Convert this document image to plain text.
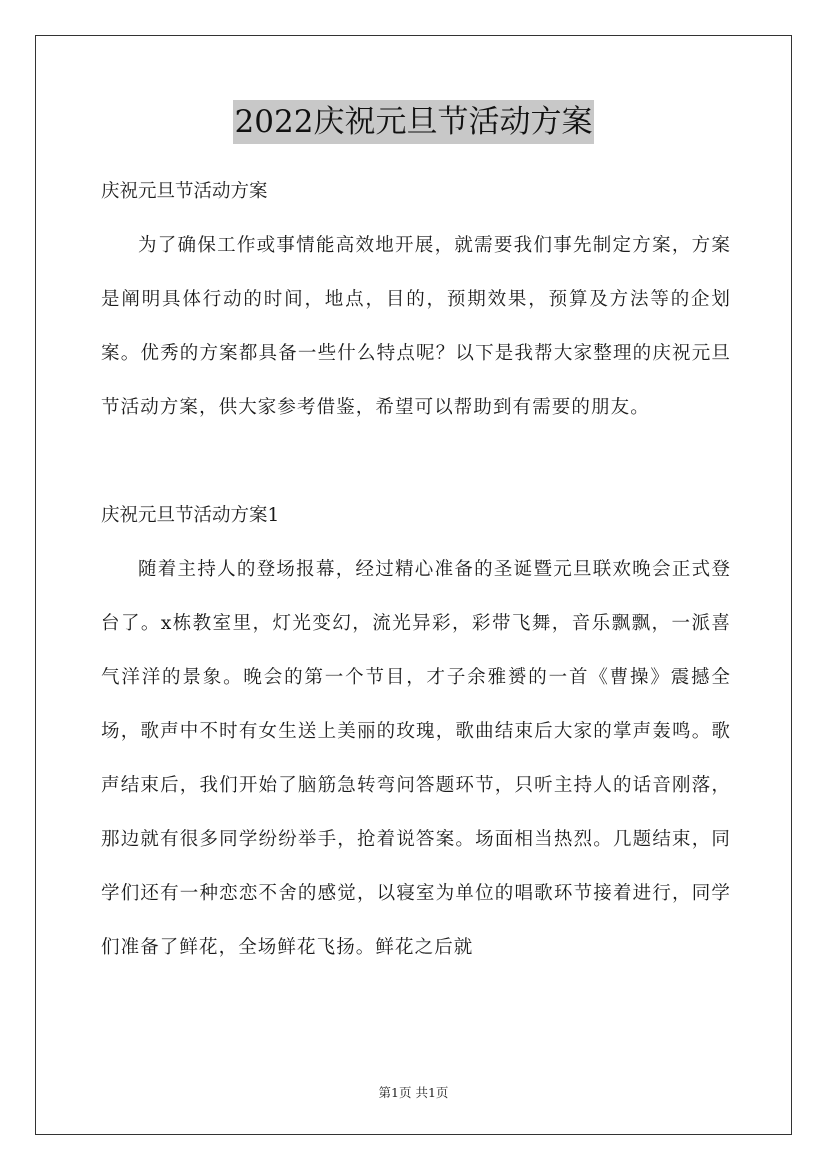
2022庆祝元旦节活动方案

庆祝元旦节活动方案

为了确保工作或事情能高效地开展，就需要我们事先制定方案，方案是阐明具体行动的时间，地点，目的，预期效果，预算及方法等的企划案。优秀的方案都具备一些什么特点呢？以下是我帮大家整理的庆祝元旦节活动方案，供大家参考借鉴，希望可以帮助到有需要的朋友。

庆祝元旦节活动方案1

随着主持人的登场报幕，经过精心准备的圣诞暨元旦联欢晚会正式登台了。x栋教室里，灯光变幻，流光异彩，彩带飞舞，音乐飘飘，一派喜气洋洋的景象。晚会的第一个节目，才子余雅赟的一首《曹操》震撼全场，歌声中不时有女生送上美丽的玫瑰，歌曲结束后大家的掌声轰鸣。歌声结束后，我们开始了脑筋急转弯问答题环节，只听主持人的话音刚落，那边就有很多同学纷纷举手，抢着说答案。场面相当热烈。几题结束，同学们还有一种恋恋不舍的感觉，以寝室为单位的唱歌环节接着进行，同学们准备了鲜花，全场鲜花飞扬。鲜花之后就

第1页 共1页
